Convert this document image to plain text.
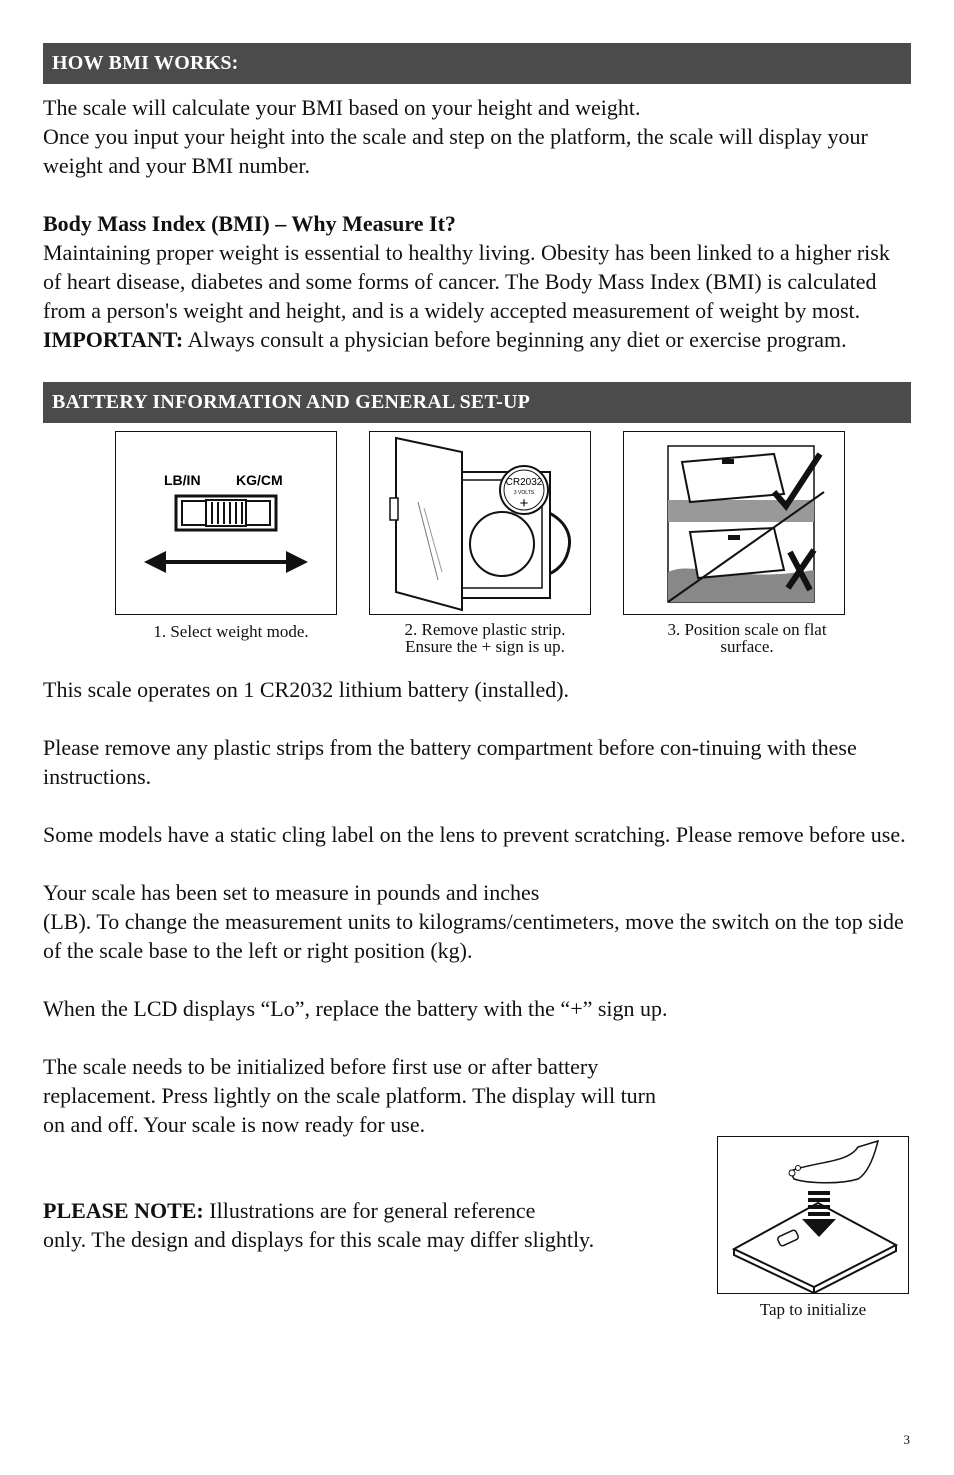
HOW BMI WORKS:

The scale will calculate your BMI based on your height and weight.

Once you input your height into the scale and step on the platform, the scale will display your weight and your BMI number.

Body Mass Index (BMI) – Why Measure It?

Maintaining proper weight is essential to healthy living. Obesity has been linked to a higher risk of heart disease, diabetes and some forms of cancer. The Body Mass Index (BMI) is calculated from a person's weight and height, and is a widely accepted measurement of weight by most.

IMPORTANT: Always consult a physician before beginning any diet or exercise program.

BATTERY INFORMATION AND GENERAL SET-UP
LB/IN	KG/CM
1. Select weight mode.
CR2032
3 VOLTS
+
2. Remove plastic strip.
Ensure the + sign is up.
3. Position scale on flat
surface.

This scale operates on 1 CR2032 lithium battery (installed).

Please remove any plastic strips from the battery compartment before con-tinuing with these instructions.

Some models have a static cling label on the lens to prevent scratching. Please remove before use.

Your scale has been set to measure in pounds and inches

(LB). To change the measurement units to kilograms/centimeters, move the switch on the top side of the scale base to the left or right position (kg).

When the LCD displays “Lo”, replace the battery with the “+” sign up.

The scale needs to be initialized before first use or after battery replacement. Press lightly on the scale platform. The display will turn on and off. Your scale is now ready for use.

PLEASE NOTE: Illustrations are for general reference

only. The design and displays for this scale may differ slightly.

Tap to initialize
3
